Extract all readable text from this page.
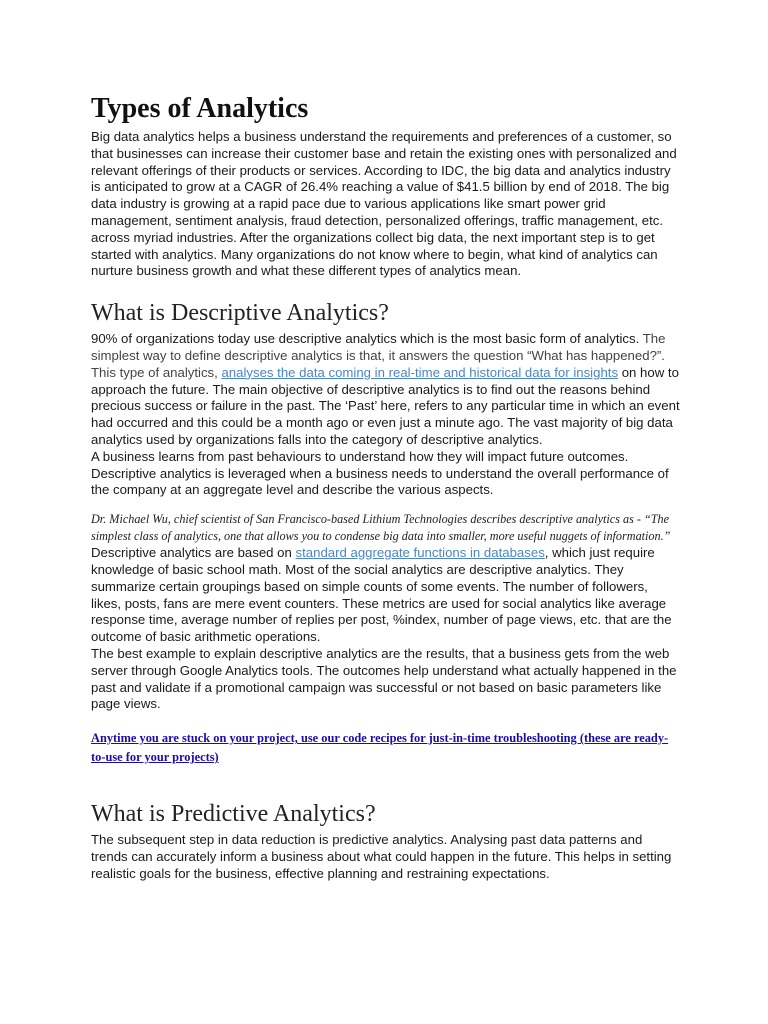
Types of Analytics

Big data analytics helps a business understand the requirements and preferences of a customer, so that businesses can increase their customer base and retain the existing ones with personalized and relevant offerings of their products or services. According to IDC, the big data and analytics industry is anticipated to grow at a CAGR of 26.4% reaching a value of $41.5 billion by end of 2018. The big data industry is growing at a rapid pace due to various applications like smart power grid management, sentiment analysis, fraud detection, personalized offerings, traffic management, etc. across myriad industries. After the organizations collect big data, the next important step is to get started with analytics. Many organizations do not know where to begin, what kind of analytics can nurture business growth and what these different types of analytics mean.

What is Descriptive Analytics?

90% of organizations today use descriptive analytics which is the most basic form of analytics. The simplest way to define descriptive analytics is that, it answers the question “What has happened?”. This type of analytics, analyses the data coming in real-time and historical data for insights on how to approach the future. The main objective of descriptive analytics is to find out the reasons behind precious success or failure in the past. The ‘Past’ here, refers to any particular time in which an event had occurred and this could be a month ago or even just a minute ago. The vast majority of big data analytics used by organizations falls into the category of descriptive analytics.

A business learns from past behaviours to understand how they will impact future outcomes. Descriptive analytics is leveraged when a business needs to understand the overall performance of the company at an aggregate level and describe the various aspects.

Dr. Michael Wu, chief scientist of San Francisco-based Lithium Technologies describes descriptive analytics as - “The simplest class of analytics, one that allows you to condense big data into smaller, more useful nuggets of information.”

Descriptive analytics are based on standard aggregate functions in databases, which just require knowledge of basic school math. Most of the social analytics are descriptive analytics. They summarize certain groupings based on simple counts of some events. The number of followers, likes, posts, fans are mere event counters. These metrics are used for social analytics like average response time, average number of replies per post, %index, number of page views, etc. that are the outcome of basic arithmetic operations.

The best example to explain descriptive analytics are the results, that a business gets from the web server through Google Analytics tools. The outcomes help understand what actually happened in the past and validate if a promotional campaign was successful or not based on basic parameters like page views.

Anytime you are stuck on your project, use our code recipes for just-in-time troubleshooting (these are ready-to-use for your projects)

What is Predictive Analytics?

The subsequent step in data reduction is predictive analytics. Analysing past data patterns and trends can accurately inform a business about what could happen in the future. This helps in setting realistic goals for the business, effective planning and restraining expectations.
